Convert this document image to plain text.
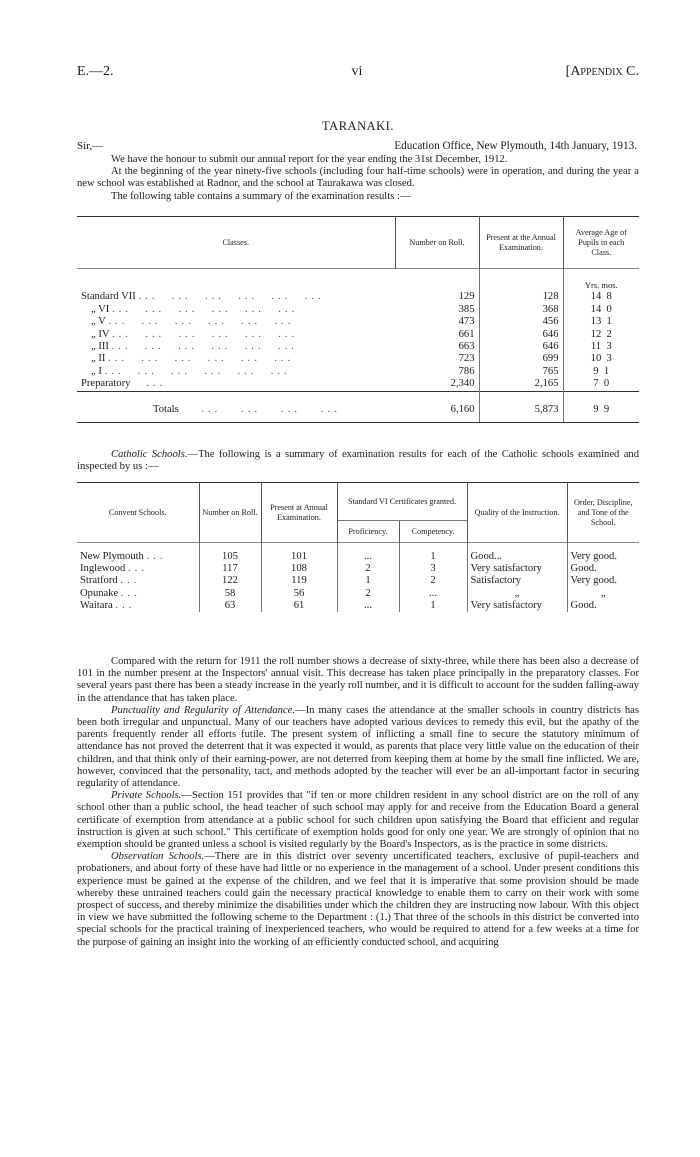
E.—2.	vi	[Appendix C.
TARANAKI.
Sir,—	Education Office, New Plymouth, 14th January, 1913.

We have the honour to submit our annual report for the year ending the 31st December, 1912.

At the beginning of the year ninety-five schools (including four half-time schools) were in operation, and during the year a new school was established at Radnor, and the school at Taurakawa was closed.

The following table contains a summary of the examination results :—

Classes.	Number on Roll.	Present at the Annual Examination.	Average Age of Pupils in each Class.
			Yrs. mos.
Standard VII ...  ...  ...  ...  ...  ...	129	128	14 8
„ VI ...  ...  ...  ...  ...  ...	385	368	14 0
„ V ...  ...  ...  ...  ...  ...	473	456	13 1
„ IV ...  ...  ...  ...  ...  ...	661	646	12 2
„ III ...  ...  ...  ...  ...  ...	663	646	11 3
„ II ...  ...  ...  ...  ...  ...	723	699	10 3
„ I ...  ...  ...  ...  ...  ...	786	765	9 1
Preparatory   ...	2,340	2,165	7 0
Totals    ...   ...   ...   ...	6,160	5,873	9 9

Catholic Schools.—The following is a summary of examination results for each of the Catholic schools examined and inspected by us :—

Convent Schools.	Number on Roll.	Present at Annual Examination.	Standard VI Certificates granted.		Quality of the Instruction.	Order, Discipline, and Tone of the School.
			Proficiency.	Competency.		
New Plymouth ...	105	101	...	1	Good...	Very good.
Inglewood ...	117	108	2	3	Very satisfactory	Good.
Stratford ...	122	119	1	2	Satisfactory	Very good.
Opunake ...	58	56	2	...	„	„
Waitara ...	63	61	...	1	Very satisfactory	Good.

Compared with the return for 1911 the roll number shows a decrease of sixty-three, while there has been also a decrease of 101 in the number present at the Inspectors' annual visit. This decrease has taken place principally in the preparatory classes. For several years past there has been a steady increase in the yearly roll number, and it is difficult to account for the sudden falling-away in the attendance that has taken place.

Punctuality and Regularity of Attendance.—In many cases the attendance at the smaller schools in country districts has been both irregular and unpunctual. Many of our teachers have adopted various devices to remedy this evil, but the apathy of the parents frequently render all efforts futile. The present system of inflicting a small fine to secure the statutory minimum of attendance has not proved the deterrent that it was expected it would, as parents that place very little value on the education of their children, and that think only of their earning-power, are not deterred from keeping them at home by the small fine inflicted. We are, however, convinced that the personality, tact, and methods adopted by the teacher will ever be an all-important factor in securing regularity of attendance.

Private Schools.—Section 151 provides that "if ten or more children resident in any school district are on the roll of any school other than a public school, the head teacher of such school may apply for and receive from the Education Board a general certificate of exemption from attendance at a public school for such children upon satisfying the Board that efficient and regular instruction is given at such school." This certificate of exemption holds good for only one year. We are strongly of opinion that no exemption should be granted unless a school is visited regularly by the Board's Inspectors, as is the practice in some districts.

Observation Schools.—There are in this district over seventy uncertificated teachers, exclusive of pupil-teachers and probationers, and about forty of these have had little or no experience in the management of a school. Under present conditions this experience must be gained at the expense of the children, and we feel that it is imperative that some provision should be made whereby these untrained teachers could gain the necessary practical knowledge to enable them to carry on their work with some prospect of success, and thereby minimize the disabilities under which the children they are instructing now labour. With this object in view we have submitted the following scheme to the Department : (1.) That three of the schools in this district be converted into special schools for the practical training of inexperienced teachers, who would be required to attend for a few weeks at a time for the purpose of gaining an insight into the working of an efficiently conducted school, and acquiring
